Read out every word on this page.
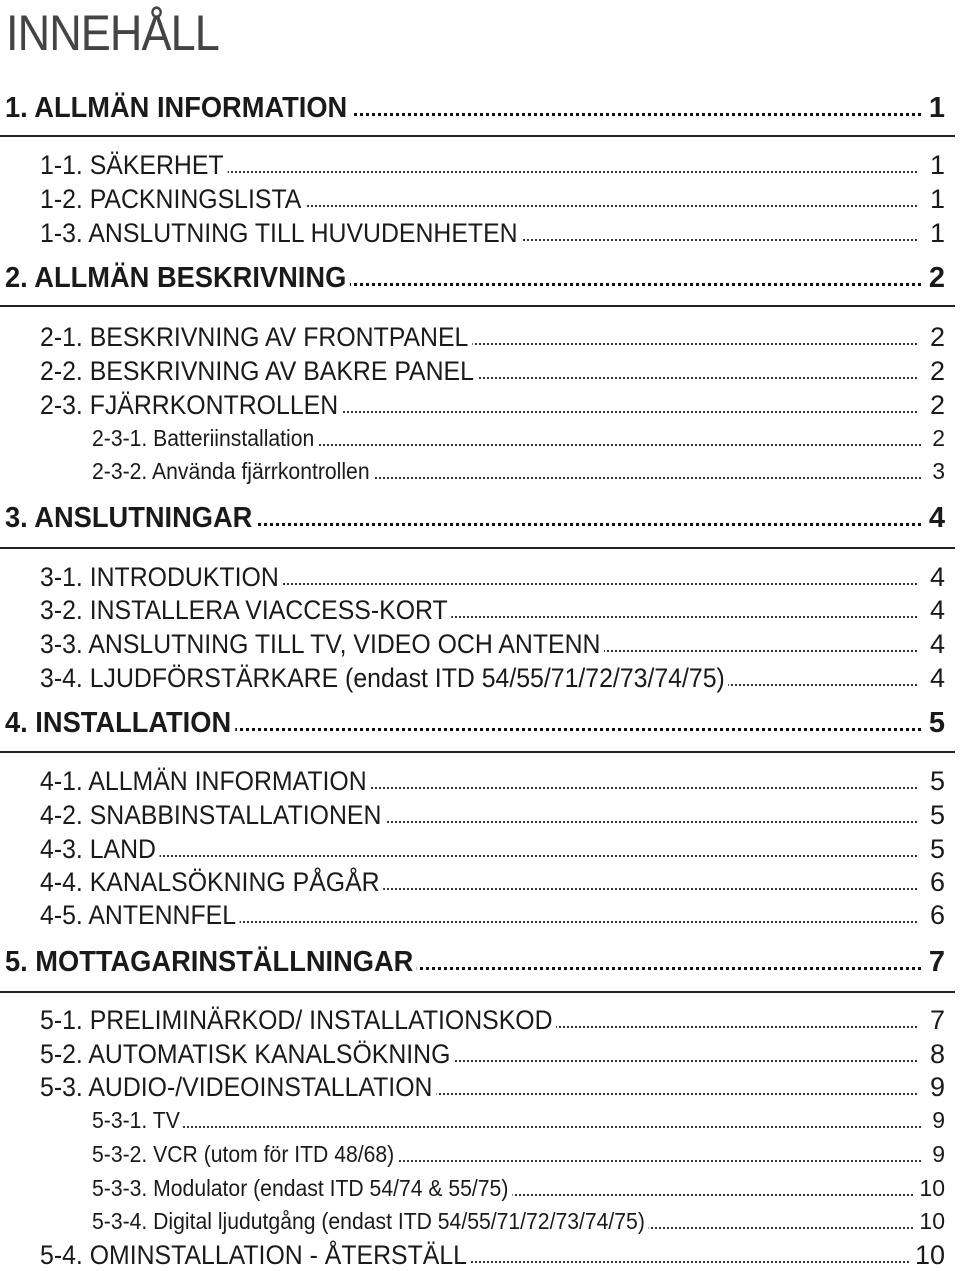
INNEHÅLL
1. ALLMÄN INFORMATION	1
1-1. SÄKERHET	1
1-2. PACKNINGSLISTA	1
1-3. ANSLUTNING TILL HUVUDENHETEN	1
2. ALLMÄN BESKRIVNING	2
2-1. BESKRIVNING AV FRONTPANEL	2
2-2. BESKRIVNING AV BAKRE PANEL	2
2-3. FJÄRRKONTROLLEN	2
2-3-1. Batteriinstallation	2
2-3-2. Använda fjärrkontrollen	3
3. ANSLUTNINGAR	4
3-1. INTRODUKTION	4
3-2. INSTALLERA VIACCESS-KORT	4
3-3. ANSLUTNING TILL TV, VIDEO OCH ANTENN	4
3-4. LJUDFÖRSTÄRKARE (endast ITD 54/55/71/72/73/74/75)	4
4. INSTALLATION	5
4-1. ALLMÄN INFORMATION	5
4-2. SNABBINSTALLATIONEN	5
4-3. LAND	5
4-4. KANALSÖKNING PÅGÅR	6
4-5. ANTENNFEL	6
5. MOTTAGARINSTÄLLNINGAR	7
5-1. PRELIMINÄRKOD/ INSTALLATIONSKOD	7
5-2. AUTOMATISK KANALSÖKNING	8
5-3. AUDIO-/VIDEOINSTALLATION	9
5-3-1. TV	9
5-3-2. VCR (utom för ITD 48/68)	9
5-3-3. Modulator (endast ITD 54/74 & 55/75)	10
5-3-4. Digital ljudutgång (endast ITD 54/55/71/72/73/74/75)	10
5-4. OMINSTALLATION - ÅTERSTÄLL	10
